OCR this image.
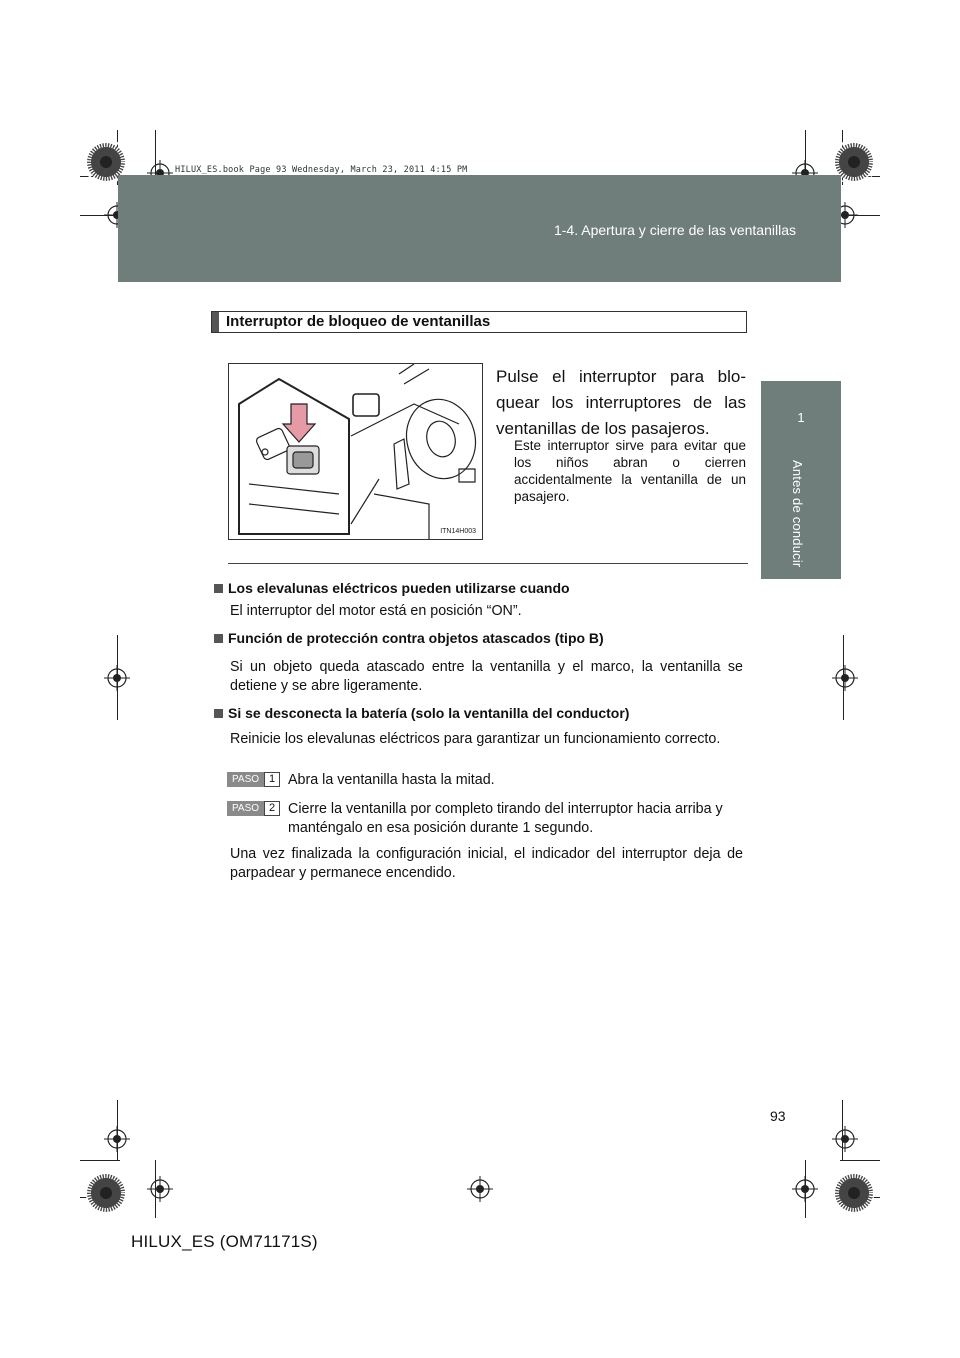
HILUX_ES.book Page 93 Wednesday, March 23, 2011 4:15 PM
1-4. Apertura y cierre de las ventanillas
1
Antes de conducir
Interruptor de bloqueo de ventanillas
ITN14H003
Pulse el interruptor para blo-quear los interruptores de las ventanillas de los pasajeros.
Este interruptor sirve para evitar que los niños abran o cierren accidentalmente la ventanilla de un pasajero.
Los elevalunas eléctricos pueden utilizarse cuando
El interruptor del motor está en posición “ON”.
Función de protección contra objetos atascados (tipo B)
Si un objeto queda atascado entre la ventanilla y el marco, la ventanilla se detiene y se abre ligeramente.
Si se desconecta la batería (solo la ventanilla del conductor)
Reinicie los elevalunas eléctricos para garantizar un funcionamiento correcto.
PASO 1 Abra la ventanilla hasta la mitad.
PASO 2 Cierre la ventanilla por completo tirando del interruptor hacia arriba y manténgalo en esa posición durante 1 segundo.
Una vez finalizada la configuración inicial, el indicador del interruptor deja de parpadear y permanece encendido.
93
HILUX_ES (OM71171S)
